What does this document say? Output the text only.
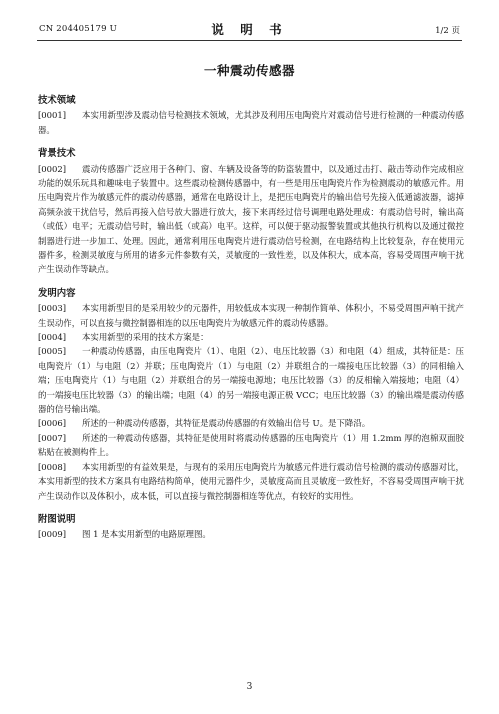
CN 204405179 U	说 明 书	1/2 页
一种震动传感器
技术领域
[0001] 本实用新型涉及震动信号检测技术领域，尤其涉及利用压电陶瓷片对震动信号进行检测的一种震动传感器。
背景技术
[0002] 震动传感器广泛应用于各种门、窗、车辆及设备等的防盗装置中，以及通过击打、敲击等动作完成相应功能的娱乐玩具和趣味电子装置中。这些震动检测传感器中，有一些是用压电陶瓷片作为检测震动的敏感元件。用压电陶瓷片作为敏感元件的震动传感器，通常在电路设计上，是把压电陶瓷片的输出信号先接入低通滤波器，滤掉高频杂波干扰信号，然后再接入信号放大器进行放大，接下来再经过信号调理电路处理成：有震动信号时，输出高（或低）电平；无震动信号时，输出低（或高）电平。这样，可以便于驱动报警装置或其他执行机构以及通过微控制器进行进一步加工、处理。因此，通常利用压电陶瓷片进行震动信号检测，在电路结构上比较复杂，存在使用元器件多，检测灵敏度与所用的诸多元件参数有关，灵敏度的一致性差，以及体积大，成本高，容易受周围声响干扰产生误动作等缺点。
发明内容
[0003] 本实用新型目的是采用较少的元器件，用较低成本实现一种制作简单、体积小，不易受周围声响干扰产生误动作，可以直接与微控制器相连的以压电陶瓷片为敏感元件的震动传感器。
[0004] 本实用新型的采用的技术方案是：
[0005] 一种震动传感器，由压电陶瓷片（1）、电阻（2）、电压比较器（3）和电阻（4）组成，其特征是：压电陶瓷片（1）与电阻（2）并联；压电陶瓷片（1）与电阻（2）并联组合的一端接电压比较器（3）的同相输入端；压电陶瓷片（1）与电阻（2）并联组合的另一端接电源地；电压比较器（3）的反相输入端接地；电阻（4）的一端接电压比较器（3）的输出端；电阻（4）的另一端接电源正极 VCC；电压比较器（3）的输出端是震动传感器的信号输出端。
[0006] 所述的一种震动传感器，其特征是震动传感器的有效输出信号 U。是下降沿。
[0007] 所述的一种震动传感器，其特征是使用时将震动传感器的压电陶瓷片（1）用 1.2mm 厚的泡棉双面胶粘贴在被测构件上。
[0008] 本实用新型的有益效果是，与现有的采用压电陶瓷片为敏感元件进行震动信号检测的震动传感器对比，本实用新型的技术方案具有电路结构简单，使用元器件少，灵敏度高而且灵敏度一致性好，不容易受周围声响干扰产生误动作以及体积小，成本低，可以直接与微控制器相连等优点，有较好的实用性。
附图说明
[0009] 图 1 是本实用新型的电路原理图。
3
